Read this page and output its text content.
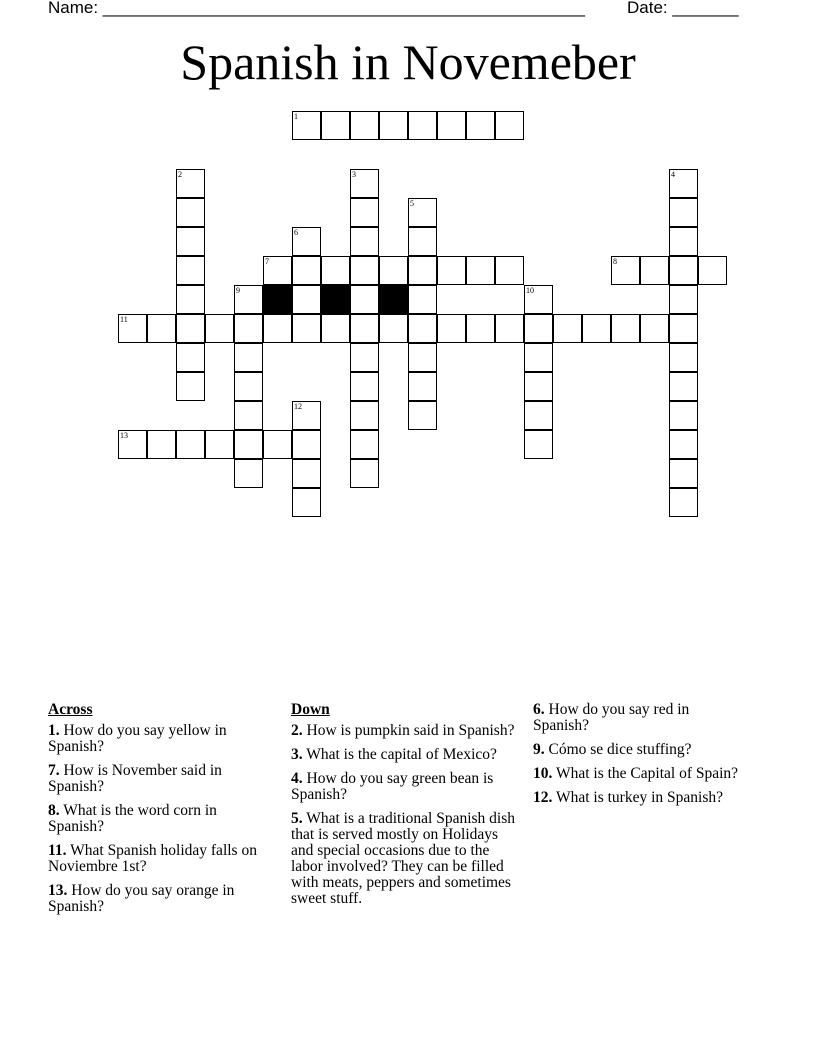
Name: ___________________________________________________ Date: _______
Spanish in Novemeber
1
2	3	4
5
6
7	8
9	10
11
12
13
Across
1. How do you say yellow in Spanish?
7. How is November said in Spanish?
8. What is the word corn in Spanish?
11. What Spanish holiday falls on Noviembre 1st?
13. How do you say orange in Spanish?
Down
2. How is pumpkin said in Spanish?
3. What is the capital of Mexico?
4. How do you say green bean is Spanish?
5. What is a traditional Spanish dish that is served mostly on Holidays and special occasions due to the labor involved? They can be filled with meats, peppers and sometimes sweet stuff.
6. How do you say red in Spanish?
9. Cómo se dice stuffing?
10. What is the Capital of Spain?
12. What is turkey in Spanish?
